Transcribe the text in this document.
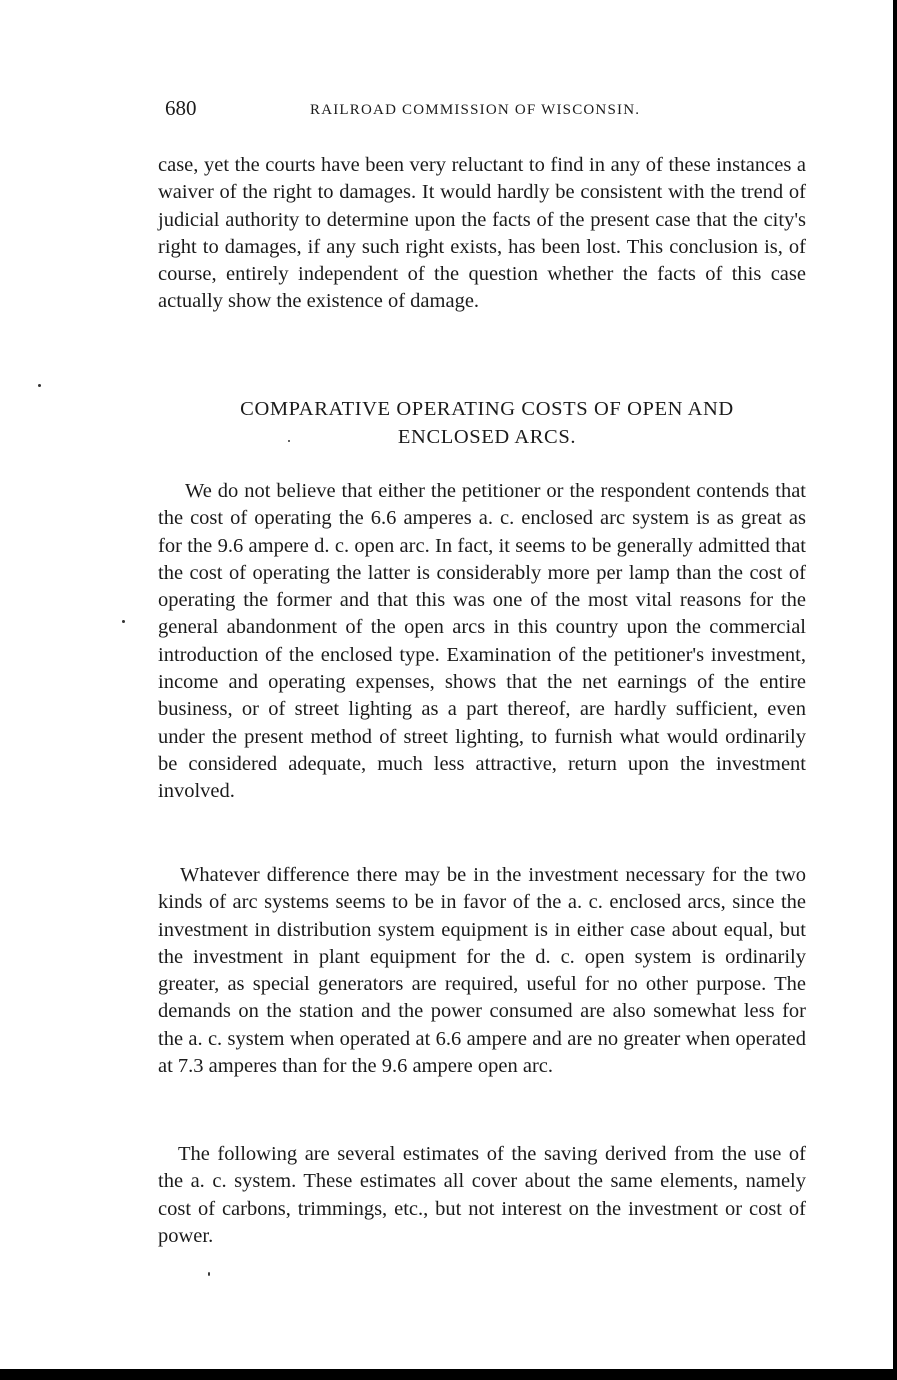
680	RAILROAD COMMISSION OF WISCONSIN.

case, yet the courts have been very reluctant to find in any of these instances a waiver of the right to damages. It would hardly be consistent with the trend of judicial authority to determine upon the facts of the present case that the city's right to damages, if any such right exists, has been lost. This conclusion is, of course, entirely independent of the question whether the facts of this case actually show the existence of damage.

COMPARATIVE OPERATING COSTS OF OPEN AND
ENCLOSED ARCS.

We do not believe that either the petitioner or the respondent contends that the cost of operating the 6.6 amperes a. c. enclosed arc system is as great as for the 9.6 ampere d. c. open arc. In fact, it seems to be generally admitted that the cost of operating the latter is considerably more per lamp than the cost of operating the former and that this was one of the most vital reasons for the general abandonment of the open arcs in this country upon the commercial introduction of the enclosed type. Examination of the petitioner's investment, income and operating expenses, shows that the net earnings of the entire business, or of street lighting as a part thereof, are hardly sufficient, even under the present method of street lighting, to furnish what would ordinarily be considered adequate, much less attractive, return upon the investment involved.

Whatever difference there may be in the investment necessary for the two kinds of arc systems seems to be in favor of the a. c. enclosed arcs, since the investment in distribution system equipment is in either case about equal, but the investment in plant equipment for the d. c. open system is ordinarily greater, as special generators are required, useful for no other purpose. The demands on the station and the power consumed are also somewhat less for the a. c. system when operated at 6.6 ampere and are no greater when operated at 7.3 amperes than for the 9.6 ampere open arc.

The following are several estimates of the saving derived from the use of the a. c. system. These estimates all cover about the same elements, namely cost of carbons, trimmings, etc., but not interest on the investment or cost of power.
